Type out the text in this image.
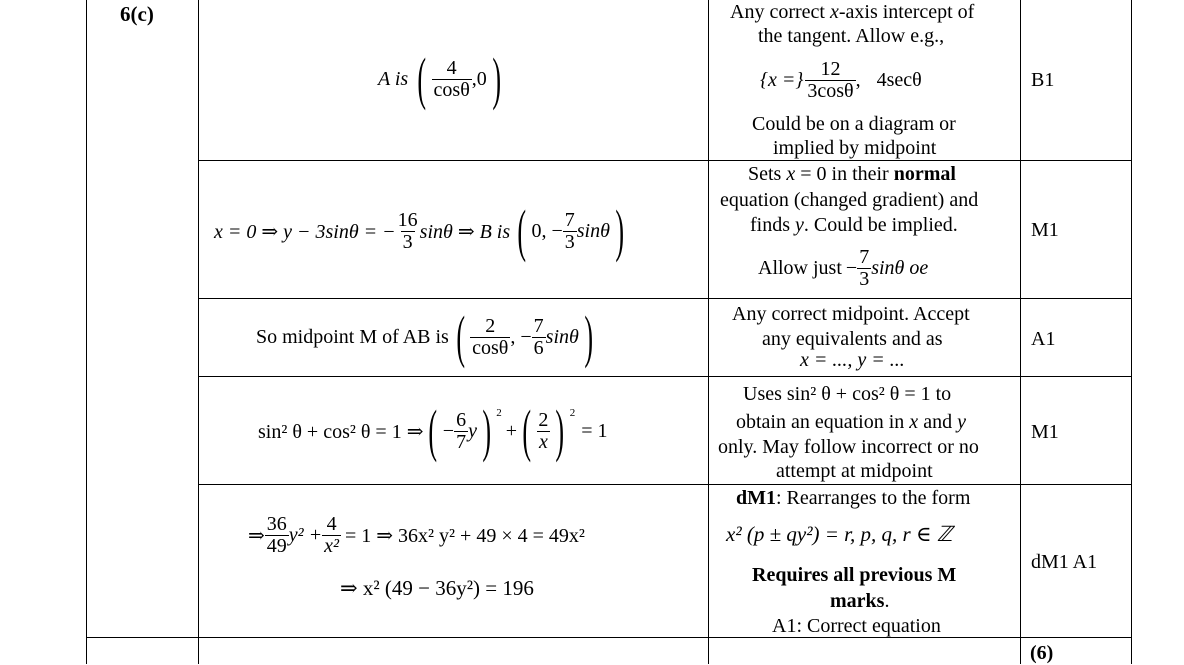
6(c)
A is ( $\frac{4}{\cos\theta} ,0$ )
Any correct x-axis intercept of
the tangent. Allow e.g.,
{x =} $\frac{12}{3\cos\theta}$ , 4secθ
Could be on a diagram or
implied by midpoint
B1
x = 0 ⇒ y − 3sinθ = − $\frac{16}{3}$ sinθ ⇒ B is ( 0, − $\frac{7}{3}$ sinθ )
Sets x = 0 in their normal
equation (changed gradient) and
finds y. Could be implied.
Allow just − $\frac{7}{3}$ sinθ oe
M1
So midpoint M of AB is ( $\frac{2}{\cos\theta}$ , − $\frac{7}{6}$ sinθ )	Any correct midpoint. Accept
any equivalents and as
x = ..., y = ...
A1
sin² θ + cos² θ = 1 ⇒ ( − $\frac{6}{7}$ y ) $^2$
+ ( $\frac{2}{x}$ ) $^2$
= 1
Uses sin² θ + cos² θ = 1 to
obtain an equation in x and y
only. May follow incorrect or no
attempt at midpoint
M1
⇒ $\frac{36}{49} y^2 + \frac{4}{\text{x²}} = 1$ ⇒ 36x² y² + 49 × 4 = 49x²
⇒ x² (49 − 36y²) = 196
dM1: Rearranges to the form
x² (p ± qy²) = r, p, q, r ∈ ℤ
Requires all previous M
marks.
A1: Correct equation
dM1 A1
(6)
